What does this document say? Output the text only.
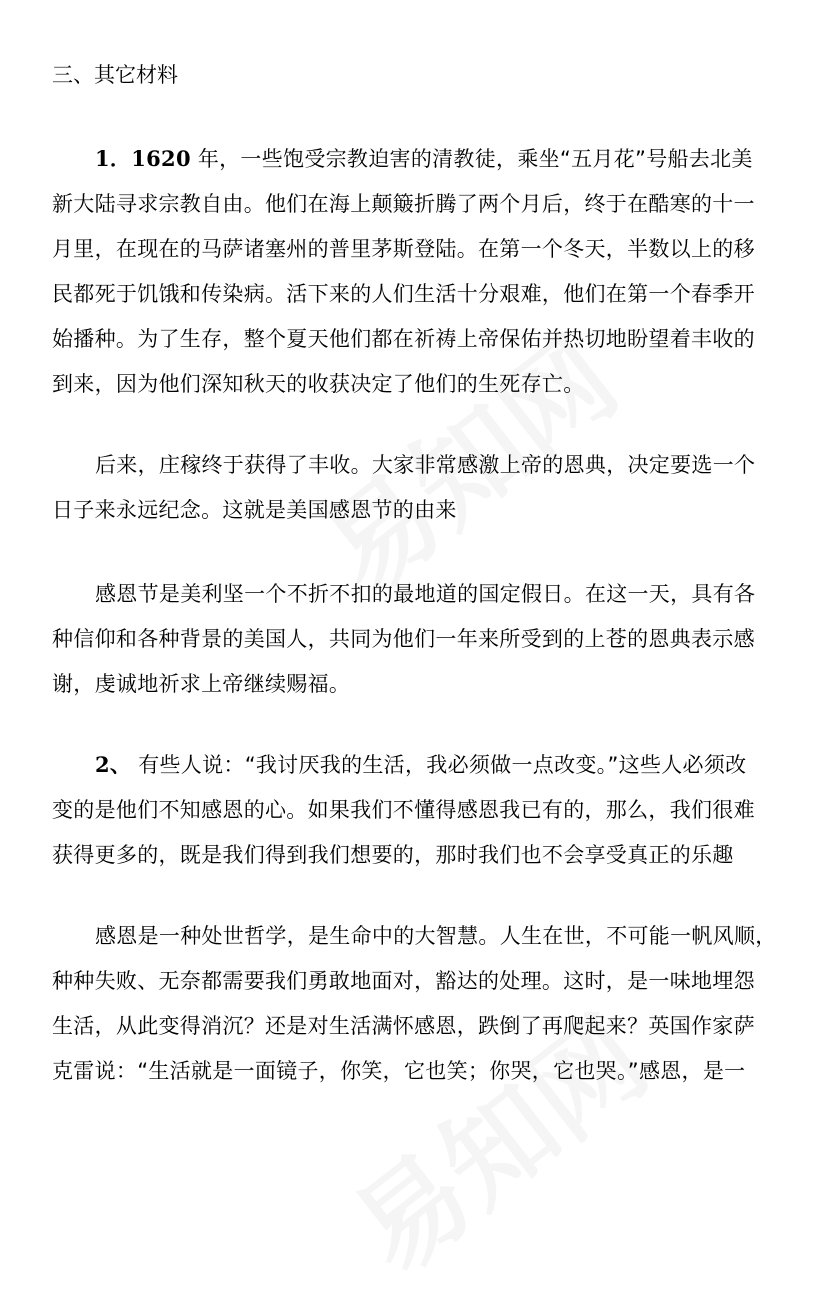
三、其它材料
1．1620 年，一些饱受宗教迫害的清教徒，乘坐“五月花”号船去北美
新大陆寻求宗教自由。他们在海上颠簸折腾了两个月后，终于在酷寒的十一
月里，在现在的马萨诸塞州的普里茅斯登陆。在第一个冬天，半数以上的移
民都死于饥饿和传染病。活下来的人们生活十分艰难，他们在第一个春季开
始播种。为了生存，整个夏天他们都在祈祷上帝保佑并热切地盼望着丰收的
到来，因为他们深知秋天的收获决定了他们的生死存亡。
后来，庄稼终于获得了丰收。大家非常感激上帝的恩典，决定要选一个
日子来永远纪念。这就是美国感恩节的由来
感恩节是美利坚一个不折不扣的最地道的国定假日。在这一天，具有各
种信仰和各种背景的美国人，共同为他们一年来所受到的上苍的恩典表示感
谢，虔诚地祈求上帝继续赐福。
2、 有些人说：“我讨厌我的生活，我必须做一点改变。”这些人必须改
变的是他们不知感恩的心。如果我们不懂得感恩我已有的，那么，我们很难
获得更多的，既是我们得到我们想要的，那时我们也不会享受真正的乐趣
感恩是一种处世哲学，是生命中的大智慧。人生在世，不可能一帆风顺，
种种失败、无奈都需要我们勇敢地面对，豁达的处理。这时，是一味地埋怨
生活，从此变得消沉？还是对生活满怀感恩，跌倒了再爬起来？英国作家萨
克雷说：“生活就是一面镜子，你笑，它也笑；你哭，它也哭。”感恩，是一
